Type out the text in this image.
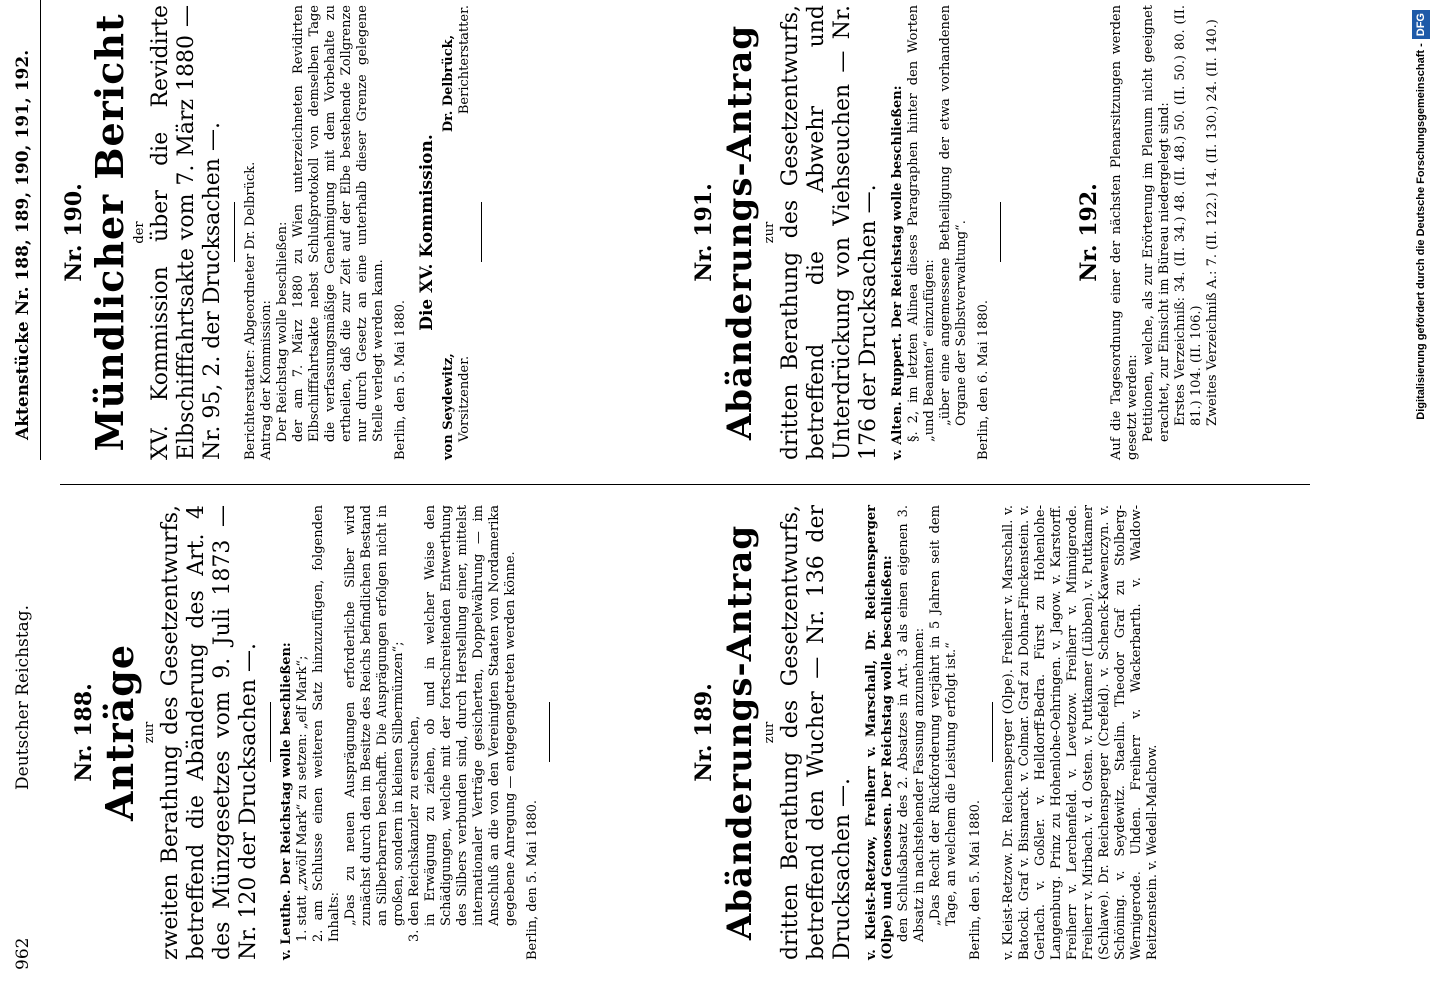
962
Deutscher Reichstag.
Aktenstücke Nr. 188, 189, 190, 191, 192.

Nr. 188. Anträge zur zweiten Berathung des Gesetzentwurfs, betreffend die Abänderung des Art. 4 des Münzgesetzes vom 9. Juli 1873 — Nr. 120 der Drucksachen —. v. Leuthe. Der Reichstag wolle beschließen: 1. statt „zwölf Mark“ zu setzen: „elf Mark“; 2. am Schlusse einen weiteren Satz hinzuzufügen, folgenden Inhalts: „Das zu neuen Ausprägungen erforderliche Silber wird zunächst durch den im Besitze des Reichs befindlichen Bestand an Silberbarren beschafft. Die Ausprägungen erfolgen nicht in großen, sondern in kleinen Silbermünzen“; 3. den Reichskanzler zu ersuchen, in Erwägung zu ziehen, ob und in welcher Weise den Schädigungen, welche mit der fortschreitenden Entwerthung des Silbers verbunden sind, durch Herstellung einer, mittelst internationaler Verträge gesicherten, Doppelwährung — im Anschluß an die von den Vereinigten Staaten von Nordamerika gegebene Anregung — entgegengetreten werden könne. Berlin, den 5. Mai 1880.

Nr. 189. Abänderungs-Antrag zur dritten Berathung des Gesetzentwurfs, betreffend den Wucher — Nr. 136 der Drucksachen —. v. Kleist-Retzow, Freiherr v. Marschall, Dr. Reichensperger (Olpe) und Genossen. Der Reichstag wolle beschließen: den Schlußabsatz des 2. Absatzes in Art. 3 als einen eigenen 3. Absatz in nachstehender Fassung anzunehmen: „Das Recht der Rückforderung verjährt in 5 Jahren seit dem Tage, an welchem die Leistung erfolgt ist.“ Berlin, den 5. Mai 1880. v. Kleist-Retzow. Dr. Reichensperger (Olpe). Freiherr v. Marschall. v. Batocki. Graf v. Bismarck. v. Colmar. Graf zu Dohna-Finckenstein. v. Gerlach. v. Goßler. v. Helldorff-Bedra. Fürst zu Hohenlohe-Langenburg. Prinz zu Hohenlohe-Oehringen. v. Jagow. v. Karstorff. Freiherr v. Lerchenfeld. v. Levetzow. Freiherr v. Minnigerode. Freiherr v. Mirbach. v. d. Osten. v. Puttkamer (Lübben). v. Puttkamer (Schlawe). Dr. Reichensperger (Crefeld). v. Schenck-Kawenczyn. v. Schöning. v. Seydewitz. Staelin. Theodor Graf zu Stolberg-Wernigerode. Uhden. Freiherr v. Wackerbarth. v. Waldow-Reitzenstein. v. Wedell-Malchow.

Nr. 190. Mündlicher Bericht der XV. Kommission über die Revidirte Elbschifffahrtsakte vom 7. März 1880 — Nr. 95, 2. der Drucksachen —. Berichterstatter: Abgeordneter Dr. Delbrück. Antrag der Kommission: Der Reichstag wolle beschließen: der am 7. März 1880 zu Wien unterzeichneten Revidirten Elbschifffahrtsakte nebst Schlußprotokoll von demselben Tage die verfassungsmäßige Genehmigung mit dem Vorbehalte zu ertheilen, daß die zur Zeit auf der Elbe bestehende Zollgrenze nur durch Gesetz an eine unterhalb dieser Grenze gelegene Stelle verlegt werden kann. Berlin, den 5. Mai 1880.

Die XV. Kommission.

von Seydewitz, Vorsitzender.

Dr. Delbrück, Berichterstatter.

Nr. 191. Abänderungs-Antrag zur dritten Berathung des Gesetzentwurfs, betreffend die Abwehr und Unterdrückung von Viehseuchen — Nr. 176 der Drucksachen —. v. Alten. Ruppert. Der Reichstag wolle beschließen: §. 2, im letzten Alinea dieses Paragraphen hinter den Worten „und Beamten“ einzufügen: „über eine angemessene Betheiligung der etwa vorhandenen Organe der Selbstverwaltung“. Berlin, den 6. Mai 1880.

Nr. 192. Auf die Tagesordnung einer der nächsten Plenarsitzungen werden gesetzt werden: Petitionen, welche, als zur Erörterung im Plenum nicht geeignet erachtet, zur Einsicht im Büreau niedergelegt sind: Erstes Verzeichniß: 34. (II. 34.) 48. (II. 48.) 50. (II. 50.) 80. (II. 81.) 104. (II. 106.) Zweites Verzeichniß A.: 7. (II. 122.) 14. (II. 130.) 24. (II. 140.)	Digitalisierung gefördert durch die Deutsche Forschungsgemeinschaft -DFG
